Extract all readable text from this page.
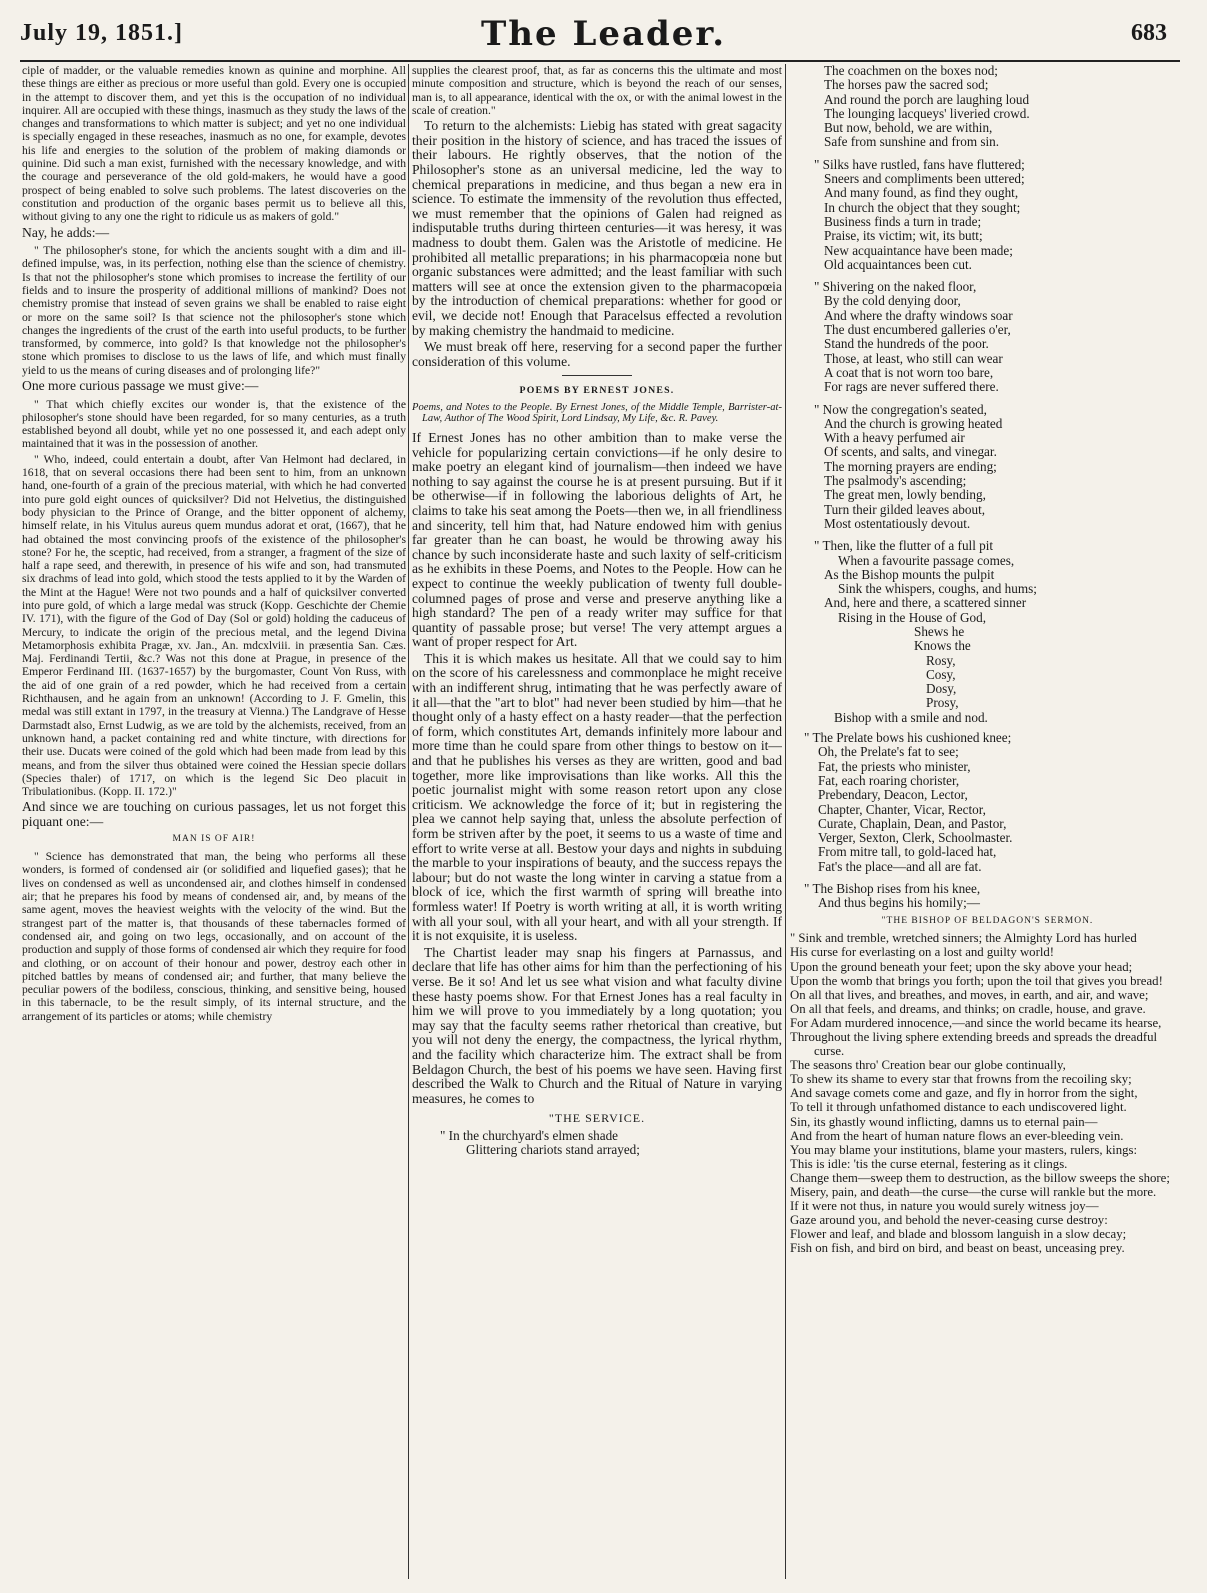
July 19, 1851.]	The Leader.	683

ciple of madder, or the valuable remedies known as quinine and morphine. All these things are either as precious or more useful than gold. Every one is occupied in the attempt to discover them, and yet this is the occupation of no individual inquirer. All are occupied with these things, inasmuch as they study the laws of the changes and transformations to which matter is subject; and yet no one individual is specially engaged in these reseaches, inasmuch as no one, for example, devotes his life and energies to the solution of the problem of making diamonds or quinine. Did such a man exist, furnished with the necessary knowledge, and with the courage and perseverance of the old gold-makers, he would have a good prospect of being enabled to solve such problems. The latest discoveries on the constitution and production of the organic bases permit us to believe all this, without giving to any one the right to ridicule us as makers of gold."

Nay, he adds:—

" The philosopher's stone, for which the ancients sought with a dim and ill-defined impulse, was, in its perfection, nothing else than the science of chemistry. Is that not the philosopher's stone which promises to increase the fertility of our fields and to insure the prosperity of additional millions of mankind? Does not chemistry promise that instead of seven grains we shall be enabled to raise eight or more on the same soil? Is that science not the philosopher's stone which changes the ingredients of the crust of the earth into useful products, to be further transformed, by commerce, into gold? Is that knowledge not the philosopher's stone which promises to disclose to us the laws of life, and which must finally yield to us the means of curing diseases and of prolonging life?"

One more curious passage we must give:—

" That which chiefly excites our wonder is, that the existence of the philosopher's stone should have been regarded, for so many centuries, as a truth established beyond all doubt, while yet no one possessed it, and each adept only maintained that it was in the possession of another.

" Who, indeed, could entertain a doubt, after Van Helmont had declared, in 1618, that on several occasions there had been sent to him, from an unknown hand, one-fourth of a grain of the precious material, with which he had converted into pure gold eight ounces of quicksilver? Did not Helvetius, the distinguished body physician to the Prince of Orange, and the bitter opponent of alchemy, himself relate, in his Vitulus aureus quem mundus adorat et orat, (1667), that he had obtained the most convincing proofs of the existence of the philosopher's stone? For he, the sceptic, had received, from a stranger, a fragment of the size of half a rape seed, and therewith, in presence of his wife and son, had transmuted six drachms of lead into gold, which stood the tests applied to it by the Warden of the Mint at the Hague! Were not two pounds and a half of quicksilver converted into pure gold, of which a large medal was struck (Kopp. Geschichte der Chemie IV. 171), with the figure of the God of Day (Sol or gold) holding the caduceus of Mercury, to indicate the origin of the precious metal, and the legend Divina Metamorphosis exhibita Pragæ, xv. Jan., An. mdcxlviii. in præsentia San. Cæs. Maj. Ferdinandi Tertii, &c.? Was not this done at Prague, in presence of the Emperor Ferdinand III. (1637-1657) by the burgomaster, Count Von Russ, with the aid of one grain of a red powder, which he had received from a certain Richthausen, and he again from an unknown! (According to J. F. Gmelin, this medal was still extant in 1797, in the treasury at Vienna.) The Landgrave of Hesse Darmstadt also, Ernst Ludwig, as we are told by the alchemists, received, from an unknown hand, a packet containing red and white tincture, with directions for their use. Ducats were coined of the gold which had been made from lead by this means, and from the silver thus obtained were coined the Hessian specie dollars (Species thaler) of 1717, on which is the legend Sic Deo placuit in Tribulationibus. (Kopp. II. 172.)"

And since we are touching on curious passages, let us not forget this piquant one:—

MAN IS OF AIR!

" Science has demonstrated that man, the being who performs all these wonders, is formed of condensed air (or solidified and liquefied gases); that he lives on condensed as well as uncondensed air, and clothes himself in condensed air; that he prepares his food by means of condensed air, and, by means of the same agent, moves the heaviest weights with the velocity of the wind. But the strangest part of the matter is, that thousands of these tabernacles formed of condensed air, and going on two legs, occasionally, and on account of the production and supply of those forms of condensed air which they require for food and clothing, or on account of their honour and power, destroy each other in pitched battles by means of condensed air; and further, that many believe the peculiar powers of the bodiless, conscious, thinking, and sensitive being, housed in this tabernacle, to be the result simply, of its internal structure, and the arrangement of its particles or atoms; while chemistry

supplies the clearest proof, that, as far as concerns this the ultimate and most minute composition and structure, which is beyond the reach of our senses, man is, to all appearance, identical with the ox, or with the animal lowest in the scale of creation."

To return to the alchemists: Liebig has stated with great sagacity their position in the history of science, and has traced the issues of their labours. He rightly observes, that the notion of the Philosopher's stone as an universal medicine, led the way to chemical preparations in medicine, and thus began a new era in science. To estimate the immensity of the revolution thus effected, we must remember that the opinions of Galen had reigned as indisputable truths during thirteen centuries—it was heresy, it was madness to doubt them. Galen was the Aristotle of medicine. He prohibited all metallic preparations; in his pharmacopœia none but organic substances were admitted; and the least familiar with such matters will see at once the extension given to the pharmacopœia by the introduction of chemical preparations: whether for good or evil, we decide not! Enough that Paracelsus effected a revolution by making chemistry the handmaid to medicine.

We must break off here, reserving for a second paper the further consideration of this volume.

POEMS BY ERNEST JONES.

Poems, and Notes to the People. By Ernest Jones, of the Middle Temple, Barrister-at-Law, Author of The Wood Spirit, Lord Lindsay, My Life, &c. R. Pavey.

If Ernest Jones has no other ambition than to make verse the vehicle for popularizing certain convictions—if he only desire to make poetry an elegant kind of journalism—then indeed we have nothing to say against the course he is at present pursuing. But if it be otherwise—if in following the laborious delights of Art, he claims to take his seat among the Poets—then we, in all friendliness and sincerity, tell him that, had Nature endowed him with genius far greater than he can boast, he would be throwing away his chance by such inconsiderate haste and such laxity of self-criticism as he exhibits in these Poems, and Notes to the People. How can he expect to continue the weekly publication of twenty full double-columned pages of prose and verse and preserve anything like a high standard? The pen of a ready writer may suffice for that quantity of passable prose; but verse! The very attempt argues a want of proper respect for Art.

This it is which makes us hesitate. All that we could say to him on the score of his carelessness and commonplace he might receive with an indifferent shrug, intimating that he was perfectly aware of it all—that the "art to blot" had never been studied by him—that he thought only of a hasty effect on a hasty reader—that the perfection of form, which constitutes Art, demands infinitely more labour and more time than he could spare from other things to bestow on it—and that he publishes his verses as they are written, good and bad together, more like improvisations than like works. All this the poetic journalist might with some reason retort upon any close criticism. We acknowledge the force of it; but in registering the plea we cannot help saying that, unless the absolute perfection of form be striven after by the poet, it seems to us a waste of time and effort to write verse at all. Bestow your days and nights in subduing the marble to your inspirations of beauty, and the success repays the labour; but do not waste the long winter in carving a statue from a block of ice, which the first warmth of spring will breathe into formless water! If Poetry is worth writing at all, it is worth writing with all your soul, with all your heart, and with all your strength. If it is not exquisite, it is useless.

The Chartist leader may snap his fingers at Parnassus, and declare that life has other aims for him than the perfectioning of his verse. Be it so! And let us see what vision and what faculty divine these hasty poems show. For that Ernest Jones has a real faculty in him we will prove to you immediately by a long quotation; you may say that the faculty seems rather rhetorical than creative, but you will not deny the energy, the compactness, the lyrical rhythm, and the facility which characterize him. The extract shall be from Beldagon Church, the best of his poems we have seen. Having first described the Walk to Church and the Ritual of Nature in varying measures, he comes to

"THE SERVICE.
" In the churchyard's elmen shade
Glittering chariots stand arrayed;
The coachmen on the boxes nod;
The horses paw the sacred sod;
And round the porch are laughing loud
The lounging lacqueys' liveried crowd.
But now, behold, we are within,
Safe from sunshine and from sin.
" Silks have rustled, fans have fluttered;
Sneers and compliments been uttered;
And many found, as find they ought,
In church the object that they sought;
Business finds a turn in trade;
Praise, its victim; wit, its butt;
New acquaintance have been made;
Old acquaintances been cut.
" Shivering on the naked floor,
By the cold denying door,
And where the drafty windows soar
The dust encumbered galleries o'er,
Stand the hundreds of the poor.
Those, at least, who still can wear
A coat that is not worn too bare,
For rags are never suffered there.
" Now the congregation's seated,
And the church is growing heated
With a heavy perfumed air
Of scents, and salts, and vinegar.
The morning prayers are ending;
The psalmody's ascending;
The great men, lowly bending,
Turn their gilded leaves about,
Most ostentatiously devout.
" Then, like the flutter of a full pit
When a favourite passage comes,
As the Bishop mounts the pulpit
Sink the whispers, coughs, and hums;
And, here and there, a scattered sinner
Rising in the House of God,
Shews he
Knows the
Rosy,
Cosy,
Dosy,
Prosy,
Bishop with a smile and nod.
" The Prelate bows his cushioned knee;
Oh, the Prelate's fat to see;
Fat, the priests who minister,
Fat, each roaring chorister,
Prebendary, Deacon, Lector,
Chapter, Chanter, Vicar, Rector,
Curate, Chaplain, Dean, and Pastor,
Verger, Sexton, Clerk, Schoolmaster.
From mitre tall, to gold-laced hat,
Fat's the place—and all are fat.
" The Bishop rises from his knee,
And thus begins his homily;—
"THE BISHOP OF BELDAGON'S SERMON.
" Sink and tremble, wretched sinners; the Almighty Lord has hurled
His curse for everlasting on a lost and guilty world!
Upon the ground beneath your feet; upon the sky above your head;
Upon the womb that brings you forth; upon the toil that gives you bread!
On all that lives, and breathes, and moves, in earth, and air, and wave;
On all that feels, and dreams, and thinks; on cradle, house, and grave.
For Adam murdered innocence,—and since the world became its hearse,
Throughout the living sphere extending breeds and spreads the dreadful curse.
The seasons thro' Creation bear our globe continually,
To shew its shame to every star that frowns from the recoiling sky;
And savage comets come and gaze, and fly in horror from the sight,
To tell it through unfathomed distance to each undiscovered light.
Sin, its ghastly wound inflicting, damns us to eternal pain—
And from the heart of human nature flows an ever-bleeding vein.
You may blame your institutions, blame your masters, rulers, kings:
This is idle: 'tis the curse eternal, festering as it clings.
Change them—sweep them to destruction, as the billow sweeps the shore;
Misery, pain, and death—the curse—the curse will rankle but the more.
If it were not thus, in nature you would surely witness joy—
Gaze around you, and behold the never-ceasing curse destroy:
Flower and leaf, and blade and blossom languish in a slow decay;
Fish on fish, and bird on bird, and beast on beast, unceasing prey.
